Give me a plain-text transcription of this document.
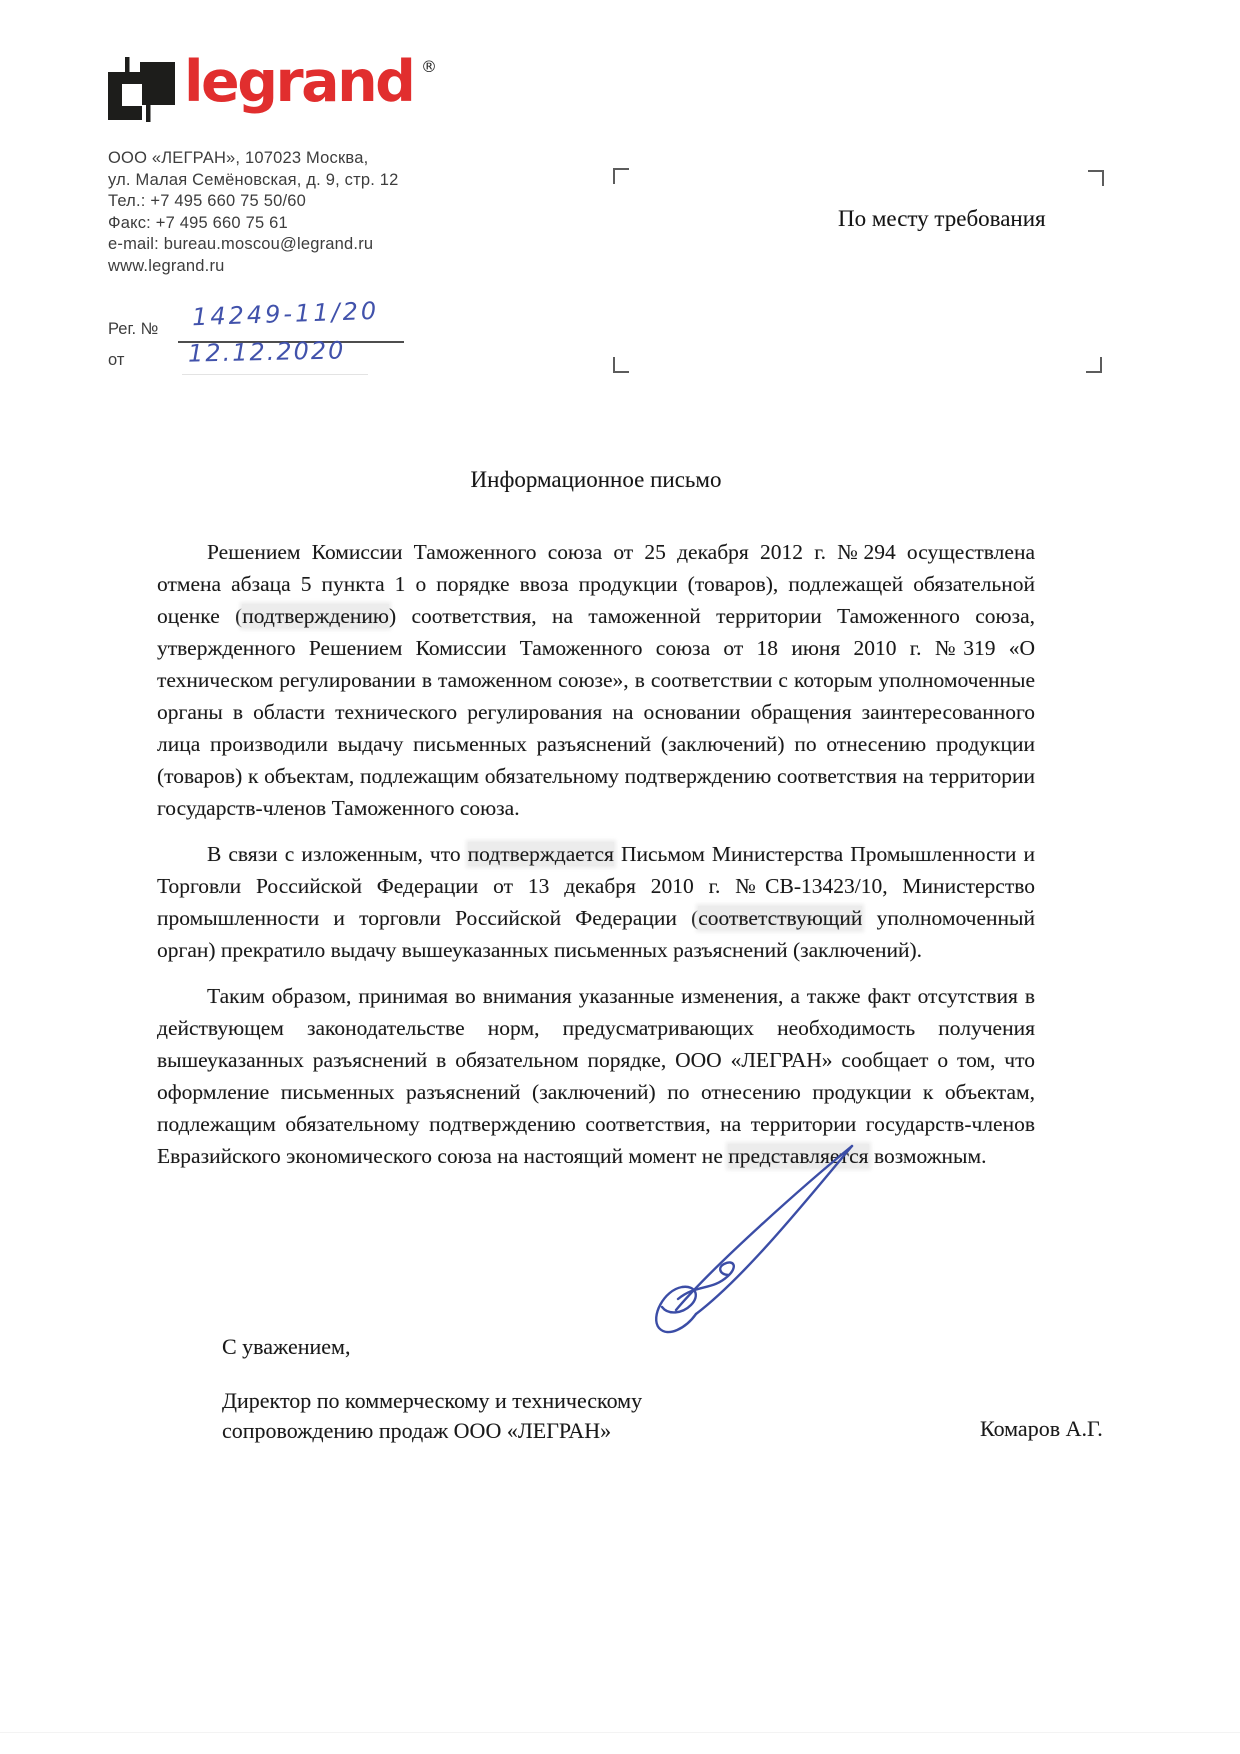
legrand ®
ООО «ЛЕГРАН», 107023 Москва,
ул. Малая Семёновская, д. 9, стр. 12
Тел.: +7 495 660 75 50/60
Факс: +7 495 660 75 61
e-mail: bureau.moscou@legrand.ru
www.legrand.ru
Рег. № 14249-11/20
от	12.12.2020
По месту требования
Информационное письмо

Решением Комиссии Таможенного союза от 25 декабря 2012 г. №294 осуществлена отмена абзаца 5 пункта 1 о порядке ввоза продукции (товаров), подлежащей обязательной оценке (подтверждению) соответствия, на таможенной территории Таможенного союза, утвержденного Решением Комиссии Таможенного союза от 18 июня 2010 г. №319 «О техническом регулировании в таможенном союзе», в соответствии с которым уполномоченные органы в области технического регулирования на основании обращения заинтересованного лица производили выдачу письменных разъяснений (заключений) по отнесению продукции (товаров) к объектам, подлежащим обязательному подтверждению соответствия на территории государств-членов Таможенного союза.

В связи с изложенным, что подтверждается Письмом Министерства Промышленности и Торговли Российской Федерации от 13 декабря 2010 г. №СВ-13423/10, Министерство промышленности и торговли Российской Федерации (соответствующий уполномоченный орган) прекратило выдачу вышеуказанных письменных разъяснений (заключений).

Таким образом, принимая во внимания указанные изменения, а также факт отсутствия в действующем законодательстве норм, предусматривающих необходимость получения вышеуказанных разъяснений в обязательном порядке, ООО «ЛЕГРАН» сообщает о том, что оформление письменных разъяснений (заключений) по отнесению продукции к объектам, подлежащим обязательному подтверждению соответствия, на территории государств-членов Евразийского экономического союза на настоящий момент не представляется возможным.

С уважением,
Директор по коммерческому и техническому
сопровождению продаж ООО «ЛЕГРАН»	Комаров А.Г.
